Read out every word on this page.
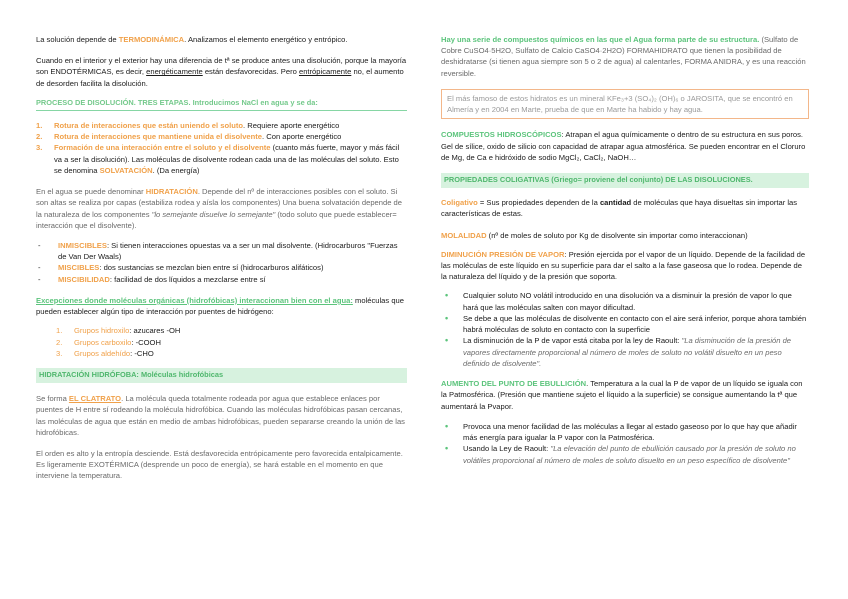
La solución depende de TERMODINÁMICA. Analizamos el elemento energético y entrópico.

Cuando en el interior y el exterior hay una diferencia de tª se produce antes una disolución, porque la mayoría son ENDOTÉRMICAS, es decir, energéticamente están desfavorecidas. Pero entrópicamente no, el aumento de desorden facilita la disolución.

PROCESO DE DISOLUCIÓN. TRES ETAPAS. Introducimos NaCl en agua y se da:
1.	Rotura de interacciones que están uniendo el soluto. Requiere aporte energético
2.	Rotura de interacciones que mantiene unida el disolvente. Con aporte energético
3.	Formación de una interacción entre el soluto y el disolvente (cuanto más fuerte, mayor y más fácil va a ser la disolución). Las moléculas de disolvente rodean cada una de las moléculas del soluto. Esto se denomina SOLVATACIÓN. (Da energía)

En el agua se puede denominar HIDRATACIÓN. Depende del nº de interacciones posibles con el soluto. Si son altas se realiza por capas (estabiliza rodea y aísla los componentes) Una buena solvatación depende de la naturaleza de los componentes "lo semejante disuelve lo semejante" (todo soluto que puede establecer= interacción que el disolvente).

-	INMISCIBLES: Si tienen interacciones opuestas va a ser un mal disolvente. (Hidrocarburos "Fuerzas de Van Der Waals)
-	MISCIBLES: dos sustancias se mezclan bien entre sí (hidrocarburos alifáticos)
-	MISCIBILIDAD: facilidad de dos líquidos a mezclarse entre sí

Excepciones donde moléculas orgánicas (hidrofóbicas) interaccionan bien con el agua: moléculas que pueden establecer algún tipo de interacción por puentes de hidrógeno:

1.	Grupos hidroxilo: azucares -OH
2.	Grupos carboxilo: -COOH
3.	Grupos aldehído: -CHO
HIDRATACIÓN HIDRÓFOBA: Moléculas hidrofóbicas

Se forma EL CLATRATO. La molécula queda totalmente rodeada por agua que establece enlaces por puentes de H entre sí rodeando la molécula hidrofóbica. Cuando las moléculas hidrofóbicas pasan cercanas, las moléculas de agua que están en medio de ambas hidrofóbicas, pueden separarse creando la unión de las hidrofóbicas.

El orden es alto y la entropía desciende. Está desfavorecida entrópicamente pero favorecida entalpicamente. Es ligeramente EXOTÉRMICA (desprende un poco de energía), se hará estable en el momento en que interviene la temperatura.

Hay una serie de compuestos químicos en las que el Agua forma parte de su estructura. (Sulfato de Cobre CuSO4·5H2O, Sulfato de Calcio CaSO4·2H2O) FORMAHIDRATO que tienen la posibilidad de deshidratarse (si tienen agua siempre son 5 o 2 de agua) al calentarles, FORMA ANIDRA, y es una reacción reversible.

El más famoso de estos hidratos es un mineral KFe₃+3 (SO₄)₂ (OH)₆ o JAROSITA, que se encontró en Almería y en 2004 en Marte, prueba de que en Marte ha habido y hay agua.

COMPUESTOS HIDROSCÓPICOS: Atrapan el agua químicamente o dentro de su estructura en sus poros. Gel de sílice, oxido de silicio con capacidad de atrapar agua atmosférica. Se pueden encontrar en el Cloruro de Mg, de Ca e hidróxido de sodio MgCl₂, CaCl₂, NaOH…

PROPIEDADES COLIGATIVAS (Griego= proviene del conjunto) DE LAS DISOLUCIONES.

Coligativo = Sus propiedades dependen de la cantidad de moléculas que haya disueltas sin importar las características de estas.

MOLALIDAD (nº de moles de soluto por Kg de disolvente sin importar como interaccionan)

DIMINUCIÓN PRESIÓN DE VAPOR: Presión ejercida por el vapor de un líquido. Depende de la facilidad de las moléculas de este líquido en su superficie para dar el salto a la fase gaseosa que lo rodea. Depende de la naturaleza del líquido y de la presión que soporta.

•	Cualquier soluto NO volátil introducido en una disolución va a disminuir la presión de vapor lo que hará que las moléculas salten con mayor dificultad.
•	Se debe a que las moléculas de disolvente en contacto con el aire será inferior, porque ahora también habrá moléculas de soluto en contacto con la superficie
•	La disminución de la P de vapor está citaba por la ley de Raoult: "La disminución de la presión de vapores directamente proporcional al número de moles de soluto no volátil disuelto en un peso definido de disolvente".

AUMENTO DEL PUNTO DE EBULLICIÓN. Temperatura a la cual la P de vapor de un líquido se iguala con la Patmosférica. (Presión que mantiene sujeto el líquido a la superficie) se consigue aumentando la tª que aumentará la Pvapor.

•	Provoca una menor facilidad de las moléculas a llegar al estado gaseoso por lo que hay que añadir más energía para igualar la P vapor con la Patmosférica.
•	Usando la Ley de Raoult: "La elevación del punto de ebullición causado por la presión de soluto no volátiles proporcional al número de moles de soluto disuelto en un peso específico de disolvente"
